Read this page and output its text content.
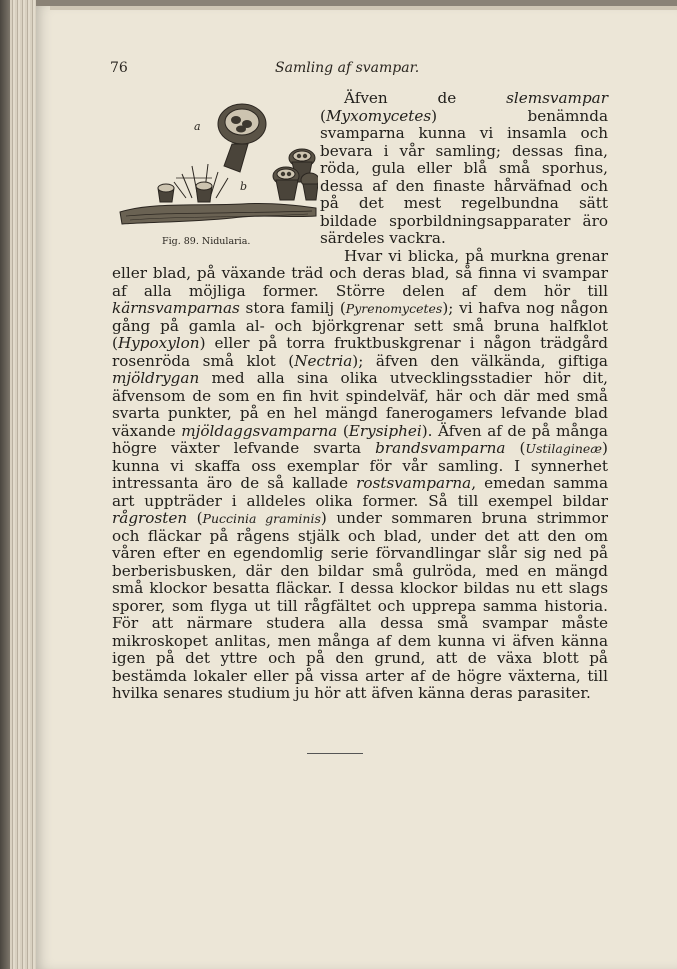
76	Samling af svampar.
a
b
Fig. 89. Nidularia.

Äfven de slemsvampar (Myxomycetes) benämnda svamparna kunna vi insamla och bevara i vår samling; dessas fina, röda, gula eller blå små sporhus, dessa af den finaste hårväfnad och på det mest regelbundna sätt bildade sporbildningsapparater äro särdeles vackra.

Hvar vi blicka, på murkna grenar eller blad, på växande träd och deras blad, så finna vi svampar af alla möjliga former. Större delen af dem hör till kärnsvamparnas stora familj (Pyrenomycetes); vi hafva nog någon gång på gamla al- och björkgrenar sett små bruna halfklot (Hypoxylon) eller på torra fruktbuskgrenar i någon trädgård rosenröda små klot (Nectria); äfven den välkända, giftiga mjöldrygan med alla sina olika utvecklingsstadier hör dit, äfvensom de som en fin hvit spindelväf, här och där med små svarta punkter, på en hel mängd fanerogamers lefvande blad växande mjöldaggsvamparna (Erysiphei). Äfven af de på många högre växter lefvande svarta brandsvamparna (Ustilagineæ) kunna vi skaffa oss exemplar för vår samling. I synnerhet intressanta äro de så kallade rostsvamparna, emedan samma art uppträder i alldeles olika former. Så till exempel bildar rågrosten (Puccinia graminis) under sommaren bruna strimmor och fläckar på rågens stjälk och blad, under det att den om våren efter en egendomlig serie förvandlingar slår sig ned på berberisbusken, där den bildar små gulröda, med en mängd små klockor besatta fläckar. I dessa klockor bildas nu ett slags sporer, som flyga ut till rågfältet och upprepa samma historia. För att närmare studera alla dessa små svampar måste mikroskopet anlitas, men många af dem kunna vi äfven känna igen på det yttre och på den grund, att de växa blott på bestämda lokaler eller på vissa arter af de högre växterna, till hvilka senares studium ju hör att äfven känna deras parasiter.
